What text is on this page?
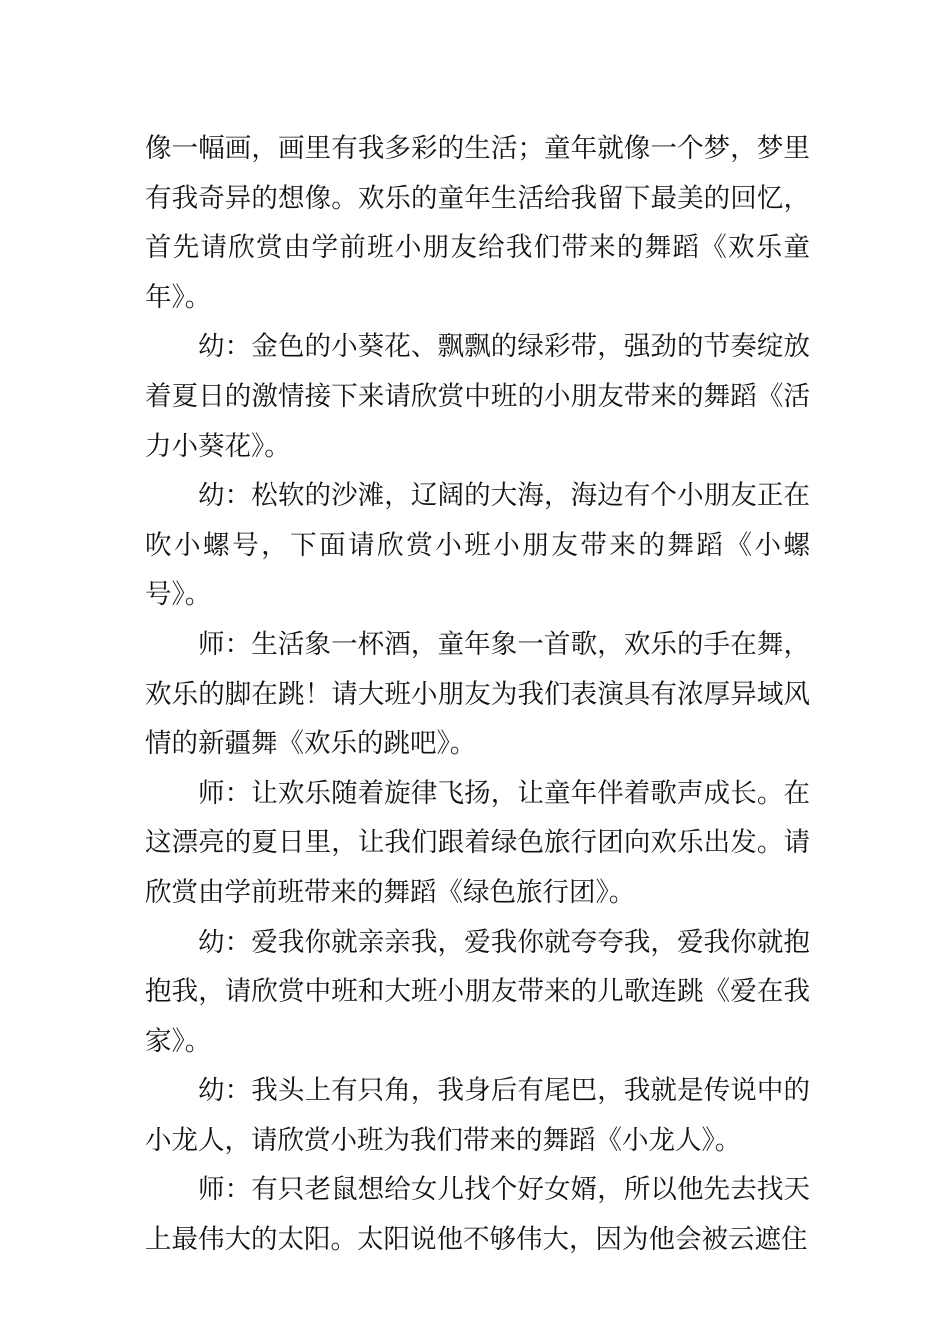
像一幅画，画里有我多彩的生活；童年就像一个梦，梦里有我奇异的想像。欢乐的童年生活给我留下最美的回忆，首先请欣赏由学前班小朋友给我们带来的舞蹈《欢乐童年》。

幼：金色的小葵花、飘飘的绿彩带，强劲的节奏绽放着夏日的激情接下来请欣赏中班的小朋友带来的舞蹈《活力小葵花》。

幼：松软的沙滩，辽阔的大海，海边有个小朋友正在吹小螺号，下面请欣赏小班小朋友带来的舞蹈《小螺号》。

师：生活象一杯酒，童年象一首歌，欢乐的手在舞，欢乐的脚在跳！请大班小朋友为我们表演具有浓厚异域风情的新疆舞《欢乐的跳吧》。

师：让欢乐随着旋律飞扬，让童年伴着歌声成长。在这漂亮的夏日里，让我们跟着绿色旅行团向欢乐出发。请欣赏由学前班带来的舞蹈《绿色旅行团》。

幼：爱我你就亲亲我，爱我你就夸夸我，爱我你就抱抱我，请欣赏中班和大班小朋友带来的儿歌连跳《爱在我家》。

幼：我头上有只角，我身后有尾巴，我就是传说中的小龙人，请欣赏小班为我们带来的舞蹈《小龙人》。

师：有只老鼠想给女儿找个好女婿，所以他先去找天上最伟大的太阳。太阳说他不够伟大，因为他会被云遮住
